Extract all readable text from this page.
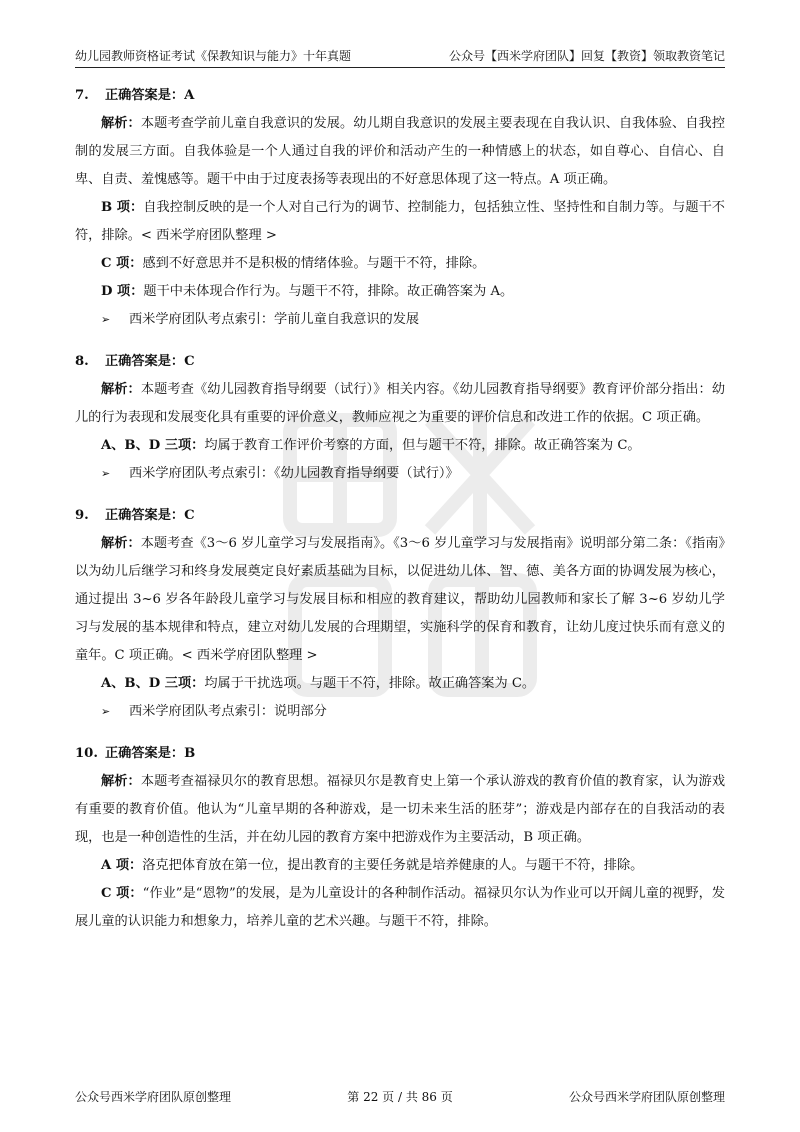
幼儿园教师资格证考试《保教知识与能力》十年真题	公众号【西米学府团队】回复【教资】领取教资笔记
7. 正确答案是：A
解析：本题考查学前儿童自我意识的发展。幼儿期自我意识的发展主要表现在自我认识、自我体验、自我控制的发展三方面。自我体验是一个人通过自我的评价和活动产生的一种情感上的状态，如自尊心、自信心、自卑、自责、羞愧感等。题干中由于过度表扬等表现出的不好意思体现了这一特点。A 项正确。
B 项：自我控制反映的是一个人对自己行为的调节、控制能力，包括独立性、坚持性和自制力等。与题干不符，排除。< 西米学府团队整理 >
C 项：感到不好意思并不是积极的情绪体验。与题干不符，排除。
D 项：题干中未体现合作行为。与题干不符，排除。故正确答案为 A。
➢ 西米学府团队考点索引：学前儿童自我意识的发展
8. 正确答案是：C
解析：本题考查《幼儿园教育指导纲要（试行）》相关内容。《幼儿园教育指导纲要》教育评价部分指出：幼儿的行为表现和发展变化具有重要的评价意义，教师应视之为重要的评价信息和改进工作的依据。C 项正确。
A、B、D 三项：均属于教育工作评价考察的方面，但与题干不符，排除。故正确答案为 C。
➢ 西米学府团队考点索引：《幼儿园教育指导纲要（试行）》
9. 正确答案是：C
解析：本题考查《3～6 岁儿童学习与发展指南》。《3～6 岁儿童学习与发展指南》说明部分第二条：《指南》以为幼儿后继学习和终身发展奠定良好素质基础为目标，以促进幼儿体、智、德、美各方面的协调发展为核心，通过提出 3~6 岁各年龄段儿童学习与发展目标和相应的教育建议，帮助幼儿园教师和家长了解 3~6 岁幼儿学习与发展的基本规律和特点，建立对幼儿发展的合理期望，实施科学的保育和教育，让幼儿度过快乐而有意义的童年。C 项正确。< 西米学府团队整理 >
A、B、D 三项：均属于干扰选项。与题干不符，排除。故正确答案为 C。
➢ 西米学府团队考点索引：说明部分
10. 正确答案是：B
解析：本题考查福禄贝尔的教育思想。福禄贝尔是教育史上第一个承认游戏的教育价值的教育家，认为游戏有重要的教育价值。他认为“儿童早期的各种游戏，是一切未来生活的胚芽”；游戏是内部存在的自我活动的表现，也是一种创造性的生活，并在幼儿园的教育方案中把游戏作为主要活动，B 项正确。
A 项：洛克把体育放在第一位，提出教育的主要任务就是培养健康的人。与题干不符，排除。
C 项：“作业”是“恩物”的发展，是为儿童设计的各种制作活动。福禄贝尔认为作业可以开阔儿童的视野，发展儿童的认识能力和想象力，培养儿童的艺术兴趣。与题干不符，排除。
公众号西米学府团队原创整理	第 22 页 / 共 86 页	公众号西米学府团队原创整理
